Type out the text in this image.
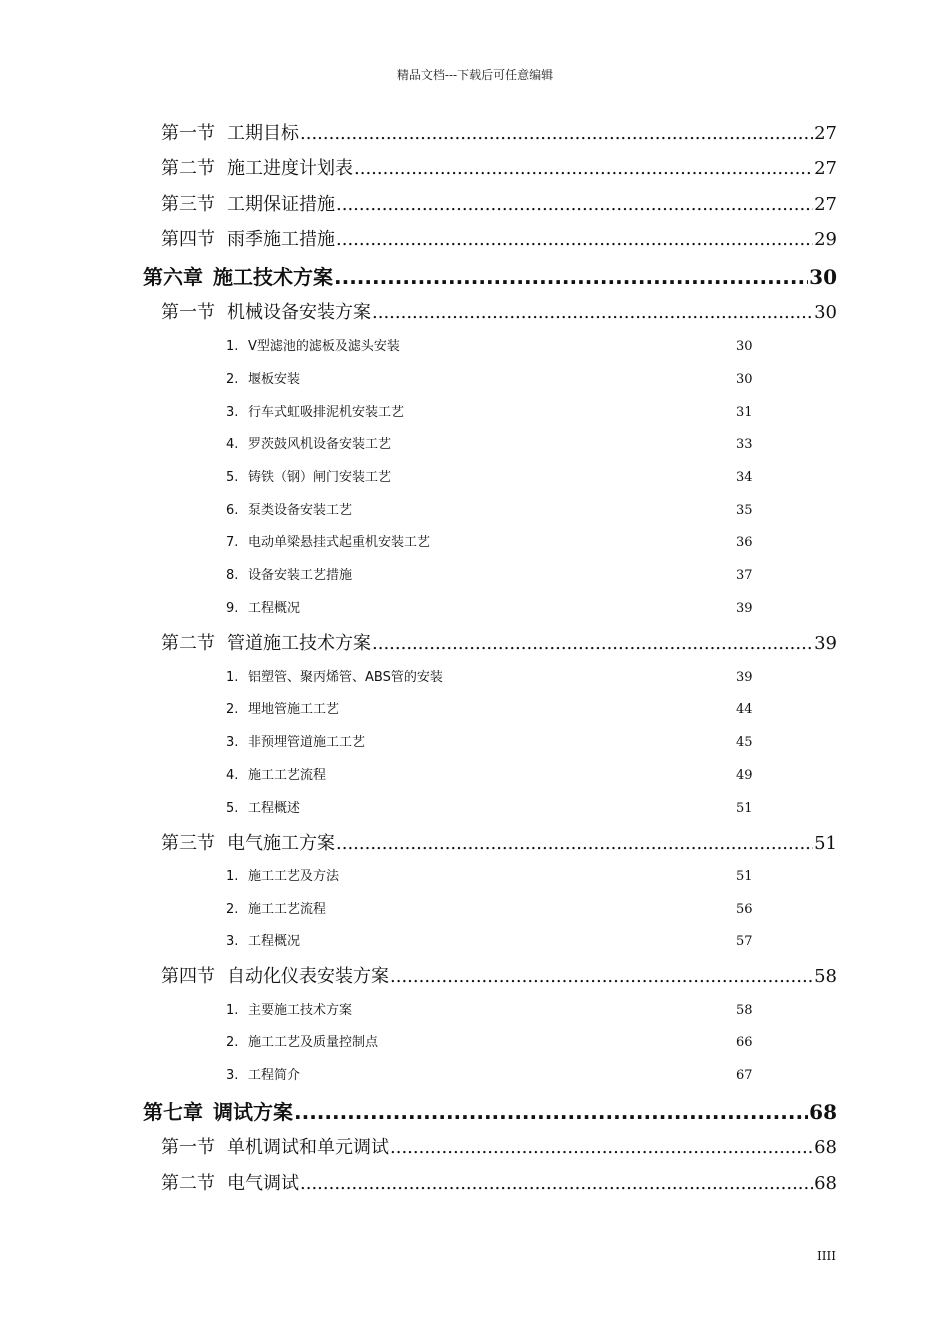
精品文档---下载后可任意编辑
第一节 工期目标 .....	27
第二节 施工进度计划表 .....	27
第三节 工期保证措施 .....	27
第四节 雨季施工措施 .....	29
第六章 施工技术方案 .....	30
第一节 机械设备安装方案 .....	30
1. V型滤池的滤板及滤头安装	30
2. 堰板安装	30
3. 行车式虹吸排泥机安装工艺	31
4. 罗茨鼓风机设备安装工艺	33
5. 铸铁（钢）闸门安装工艺	34
6. 泵类设备安装工艺	35
7. 电动单梁悬挂式起重机安装工艺	36
8. 设备安装工艺措施	37
9. 工程概况	39
第二节 管道施工技术方案 .....	39
1. 铝塑管、聚丙烯管、ABS管的安装	39
2. 埋地管施工工艺	44
3. 非预埋管道施工工艺	45
4. 施工工艺流程	49
5. 工程概述	51
第三节 电气施工方案 .....	51
1. 施工工艺及方法	51
2. 施工工艺流程	56
3. 工程概况	57
第四节 自动化仪表安装方案 .....	58
1. 主要施工技术方案	58
2. 施工工艺及质量控制点	66
3. 工程简介	67
第七章 调试方案 .....	68
第一节 单机调试和单元调试 .....	68
第二节 电气调试 .....	68
IIII
